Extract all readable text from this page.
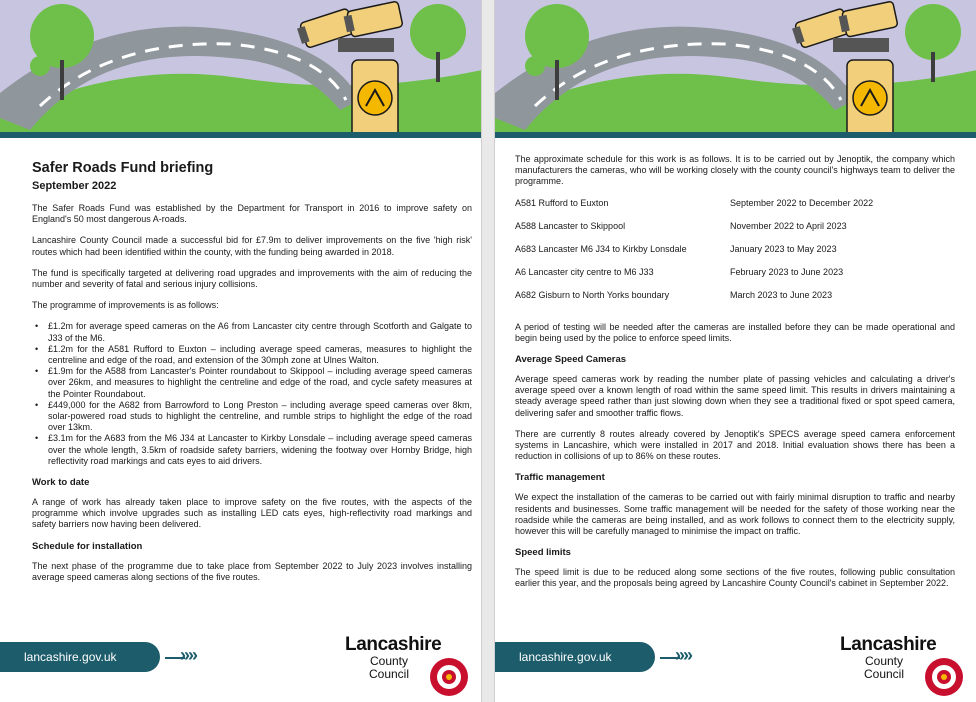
Safer Roads Fund briefing
September 2022

The Safer Roads Fund was established by the Department for Transport in 2016 to improve safety on England's 50 most dangerous A-roads.

Lancashire County Council made a successful bid for £7.9m to deliver improvements on the five 'high risk' routes which had been identified within the county, with the funding being awarded in 2018.

The fund is specifically targeted at delivering road upgrades and improvements with the aim of reducing the number and severity of fatal and serious injury collisions.

The programme of improvements is as follows:

• £1.2m for average speed cameras on the A6 from Lancaster city centre through Scotforth and Galgate to J33 of the M6.
• £1.2m for the A581 Rufford to Euxton – including average speed cameras, measures to highlight the centreline and edge of the road, and extension of the 30mph zone at Ulnes Walton.
• £1.9m for the A588 from Lancaster's Pointer roundabout to Skippool – including average speed cameras over 26km, and measures to highlight the centreline and edge of the road, and cycle safety measures at the Pointer Roundabout.
• £449,000 for the A682 from Barrowford to Long Preston – including average speed cameras over 8km, solar-powered road studs to highlight the centreline, and rumble strips to highlight the edge of the road over 13km.
• £3.1m for the A683 from the M6 J34 at Lancaster to Kirkby Lonsdale – including average speed cameras over the whole length, 3.5km of roadside safety barriers, widening the footway over Hornby Bridge, high reflectivity road markings and cats eyes to aid drivers.
Work to date

A range of work has already taken place to improve safety on the five routes, with the aspects of the programme which involve upgrades such as installing LED cats eyes, high-reflectivity road markings and safety barriers now having been delivered.

Schedule for installation

The next phase of the programme due to take place from September 2022 to July 2023 involves installing average speed cameras along sections of the five routes.

lancashire.gov.uk	››››	Lancashire
County
Council

The approximate schedule for this work is as follows. It is to be carried out by Jenoptik, the company which manufacturers the cameras, who will be working closely with the county council's highways team to deliver the programme.

A581 Rufford to Euxton	September 2022 to December 2022
A588 Lancaster to Skippool	November 2022 to April 2023
A683 Lancaster M6 J34 to Kirkby Lonsdale	January 2023 to May 2023
A6 Lancaster city centre to M6 J33	February 2023 to June 2023
A682 Gisburn to North Yorks boundary	March 2023 to June 2023

A period of testing will be needed after the cameras are installed before they can be made operational and begin being used by the police to enforce speed limits.

Average Speed Cameras

Average speed cameras work by reading the number plate of passing vehicles and calculating a driver's average speed over a known length of road within the same speed limit. This results in drivers maintaining a steady average speed rather than just slowing down when they see a traditional fixed or spot speed camera, delivering safer and smoother traffic flows.

There are currently 8 routes already covered by Jenoptik's SPECS average speed camera enforcement systems in Lancashire, which were installed in 2017 and 2018. Initial evaluation shows there has been a reduction in collisions of up to 86% on these routes.

Traffic management

We expect the installation of the cameras to be carried out with fairly minimal disruption to traffic and nearby residents and businesses. Some traffic management will be needed for the safety of those working near the roadside while the cameras are being installed, and as work follows to connect them to the electricity supply, however this will be carefully managed to minimise the impact on traffic.

Speed limits

The speed limit is due to be reduced along some sections of the five routes, following public consultation earlier this year, and the proposals being agreed by Lancashire County Council's cabinet in September 2022.

lancashire.gov.uk	››››	Lancashire
County
Council
